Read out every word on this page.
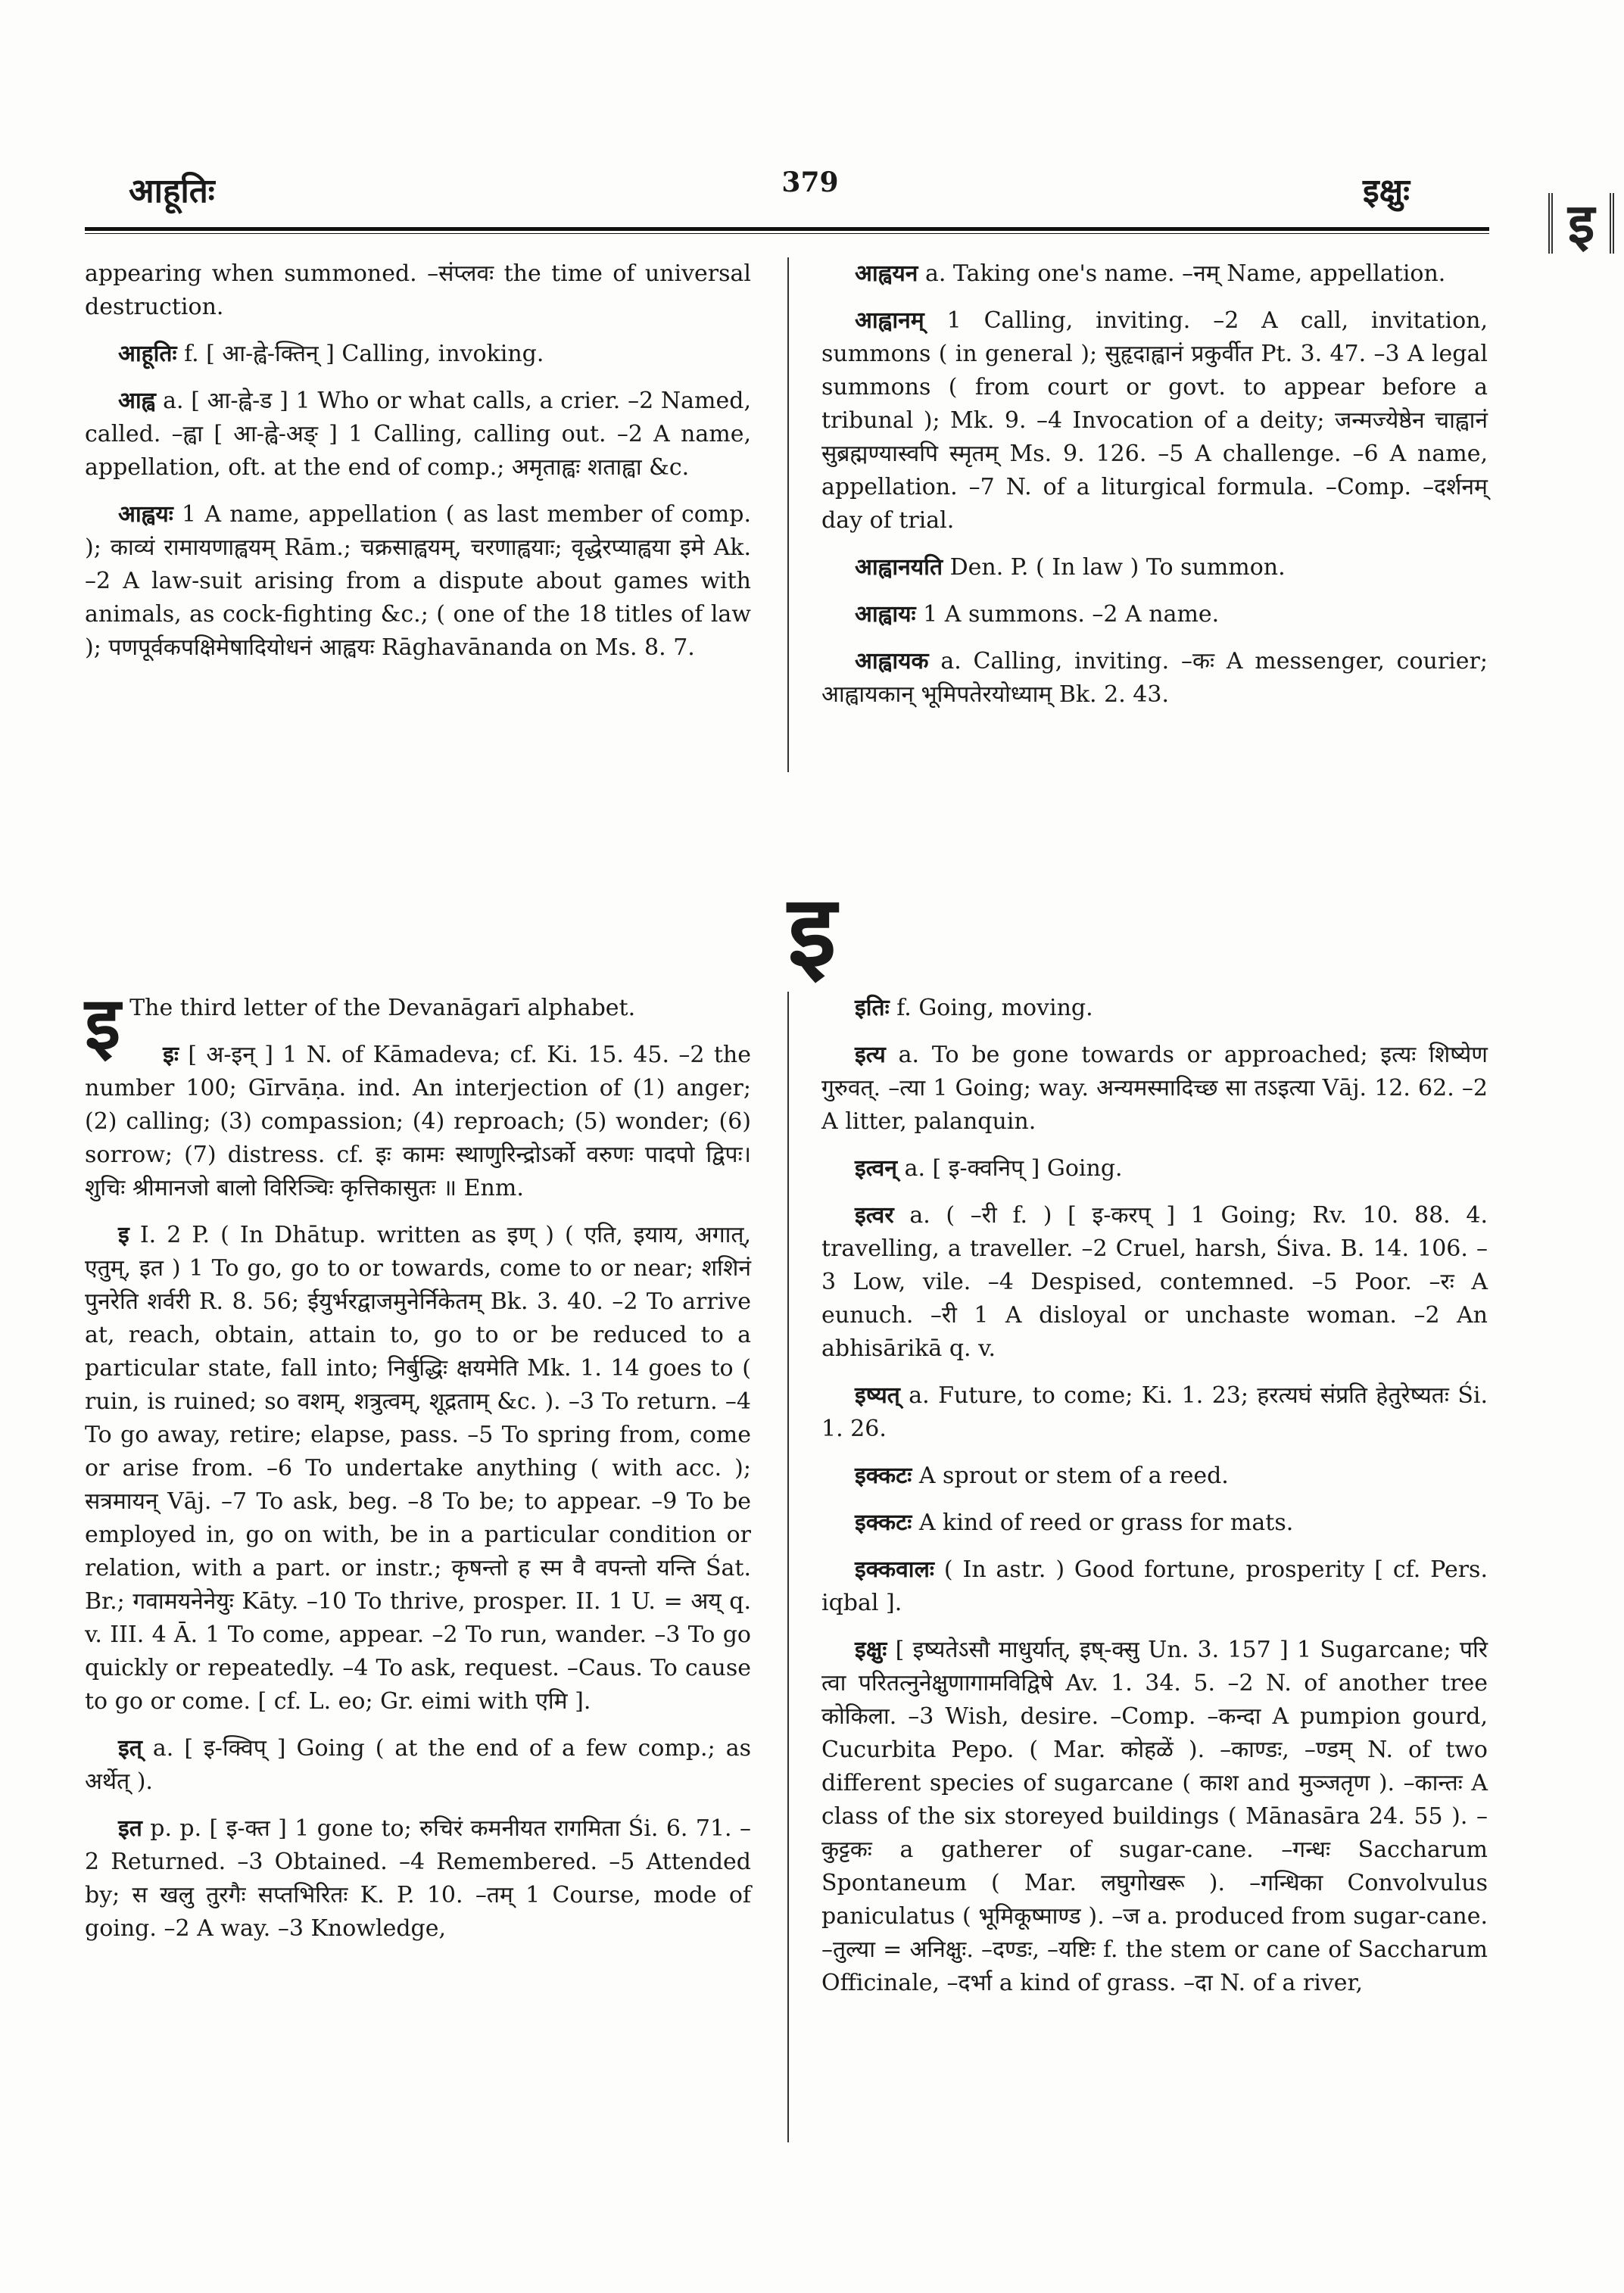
आहूतिः	379	इक्षुः	इ

appearing when summoned. –संप्लवः the time of universal destruction.

आहूतिः f. [ आ-ह्वे-क्तिन् ] Calling, invoking.

आह्व a. [ आ-ह्वे-ड ] 1 Who or what calls, a crier. –2 Named, called. –ह्वा [ आ-ह्वे-अङ् ] 1 Calling, calling out. –2 A name, appellation, oft. at the end of comp.; अमृताह्वः शताह्वा &c.

आह्वयः 1 A name, appellation ( as last member of comp. ); काव्यं रामायणाह्वयम् Rām.; चक्रसाह्वयम्, चरणाह्वयाः; वृद्धेरप्याह्वया इमे Ak. –2 A law-suit arising from a dispute about games with animals, as cock-fighting &c.; ( one of the 18 titles of law ); पणपूर्वकपक्षिमेषादियोधनं आह्वयः Rāghavānanda on Ms. 8. 7.

आह्वयन a. Taking one's name. –नम् Name, appellation.

आह्वानम् 1 Calling, inviting. –2 A call, invitation, summons ( in general ); सुहृदाह्वानं प्रकुर्वीत Pt. 3. 47. –3 A legal summons ( from court or govt. to appear before a tribunal ); Mk. 9. –4 Invocation of a deity; जन्मज्येष्ठेन चाह्वानं सुब्रह्मण्यास्वपि स्मृतम् Ms. 9. 126. –5 A challenge. –6 A name, appellation. –7 N. of a liturgical formula. –Comp. –दर्शनम् day of trial.

आह्वानयति Den. P. ( In law ) To summon.

आह्वायः 1 A summons. –2 A name.

आह्वायक a. Calling, inviting. –कः A messenger, courier; आह्वायकान् भूमिपतेरयोध्याम् Bk. 2. 43.

इ

इ The third letter of the Devanāgarī alphabet.

इः [ अ-इन् ] 1 N. of Kāmadeva; cf. Ki. 15. 45. –2 the number 100; Gīrvāṇa. ind. An interjection of (1) anger; (2) calling; (3) compassion; (4) reproach; (5) wonder; (6) sorrow; (7) distress. cf. इः कामः स्थाणुरिन्द्रोऽर्को वरुणः पादपो द्विपः। शुचिः श्रीमानजो बालो विरिञ्चिः कृत्तिकासुतः ॥ Enm.

इ I. 2 P. ( In Dhātup. written as इण् ) ( एति, इयाय, अगात्, एतुम्, इत ) 1 To go, go to or towards, come to or near; शशिनं पुनरेति शर्वरी R. 8. 56; ईयुर्भरद्वाजमुनेर्निकेतम् Bk. 3. 40. –2 To arrive at, reach, obtain, attain to, go to or be reduced to a particular state, fall into; निर्बुद्धिः क्षयमेति Mk. 1. 14 goes to ( ruin, is ruined; so वशम्, शत्रुत्वम्, शूद्रताम् &c. ). –3 To return. –4 To go away, retire; elapse, pass. –5 To spring from, come or arise from. –6 To undertake anything ( with acc. ); सत्रमायन् Vāj. –7 To ask, beg. –8 To be; to appear. –9 To be employed in, go on with, be in a particular condition or relation, with a part. or instr.; कृषन्तो ह स्म वै वपन्तो यन्ति Śat. Br.; गवामयनेनेयुः Kāty. –10 To thrive, prosper. II. 1 U. = अय् q. v. III. 4 Ā. 1 To come, appear. –2 To run, wander. –3 To go quickly or repeatedly. –4 To ask, request. –Caus. To cause to go or come. [ cf. L. eo; Gr. eimi with एमि ].

इत् a. [ इ-क्विप् ] Going ( at the end of a few comp.; as अर्थेत् ).

इत p. p. [ इ-क्त ] 1 gone to; रुचिरं कमनीयत रागमिता Śi. 6. 71. –2 Returned. –3 Obtained. –4 Remembered. –5 Attended by; स खलु तुरगैः सप्तभिरितः K. P. 10. –तम् 1 Course, mode of going. –2 A way. –3 Knowledge,

इतिः f. Going, moving.

इत्य a. To be gone towards or approached; इत्यः शिष्येण गुरुवत्. –त्या 1 Going; way. अन्यमस्मादिच्छ सा तऽइत्या Vāj. 12. 62. –2 A litter, palanquin.

इत्वन् a. [ इ-क्वनिप् ] Going.

इत्वर a. ( –री f. ) [ इ-करप् ] 1 Going; Rv. 10. 88. 4. travelling, a traveller. –2 Cruel, harsh, Śiva. B. 14. 106. –3 Low, vile. –4 Despised, contemned. –5 Poor. –रः A eunuch. –री 1 A disloyal or unchaste woman. –2 An abhisārikā q. v.

इष्यत् a. Future, to come; Ki. 1. 23; हरत्यघं संप्रति हेतुरेष्यतः Śi. 1. 26.

इक्कटः A sprout or stem of a reed.

इक्कटः A kind of reed or grass for mats.

इक्कवालः ( In astr. ) Good fortune, prosperity [ cf. Pers. iqbal ].

इक्षुः [ इष्यतेऽसौ माधुर्यात्, इष्-क्सु Un. 3. 157 ] 1 Sugarcane; परि त्वा परितत्नुनेक्षुणागामविद्विषे Av. 1. 34. 5. –2 N. of another tree कोकिला. –3 Wish, desire. –Comp. –कन्दा A pumpion gourd, Cucurbita Pepo. ( Mar. कोहळें ). –काण्डः, –ण्डम् N. of two different species of sugarcane ( काश and मुञ्जतृण ). –कान्तः A class of the six storeyed buildings ( Mānasāra 24. 55 ). –कुट्टकः a gatherer of sugar-cane. –गन्धः Saccharum Spontaneum ( Mar. लघुगोखरू ). –गन्धिका Convolvulus paniculatus ( भूमिकूष्माण्ड ). –ज a. produced from sugar-cane. –तुल्या = अनिक्षुः. –दण्डः, –यष्टिः f. the stem or cane of Saccharum Officinale, –दर्भा a kind of grass. –दा N. of a river,
